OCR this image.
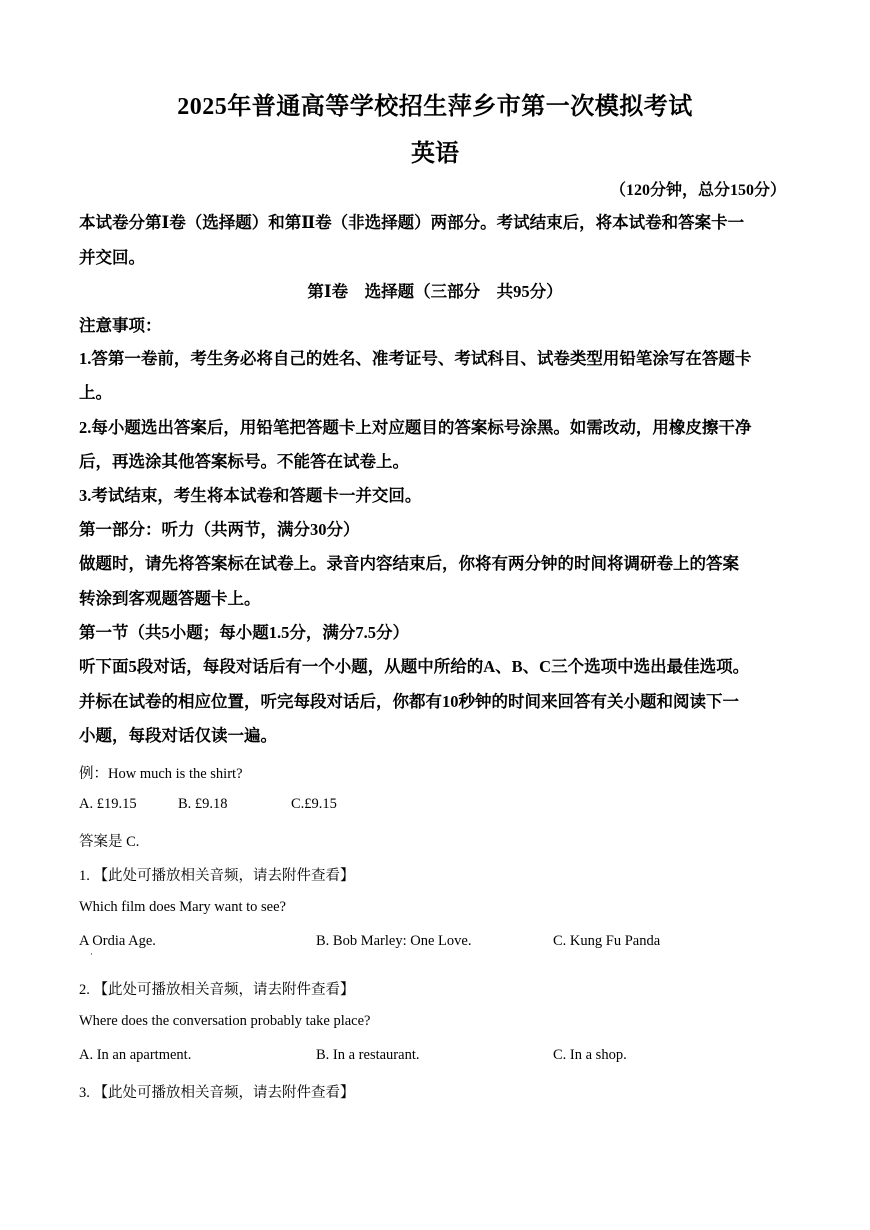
2025年普通高等学校招生萍乡市第一次模拟考试
英语
（120分钟，总分150分）
本试卷分第Ⅰ卷（选择题）和第Ⅱ卷（非选择题）两部分。考试结束后，将本试卷和答案卡一
并交回。
第Ⅰ卷　选择题（三部分　共95分）
注意事项：
1.答第一卷前，考生务必将自己的姓名、准考证号、考试科目、试卷类型用铅笔涂写在答题卡
上。
2.每小题选出答案后，用铅笔把答题卡上对应题目的答案标号涂黑。如需改动，用橡皮擦干净
后，再选涂其他答案标号。不能答在试卷上。
3.考试结束，考生将本试卷和答题卡一并交回。
第一部分：听力（共两节，满分30分）
做题时，请先将答案标在试卷上。录音内容结束后，你将有两分钟的时间将调研卷上的答案
转涂到客观题答题卡上。
第一节（共5小题；每小题1.5分，满分7.5分）
听下面5段对话，每段对话后有一个小题，从题中所给的A、B、C三个选项中选出最佳选项。
并标在试卷的相应位置，听完每段对话后，你都有10秒钟的时间来回答有关小题和阅读下一
小题，每段对话仅读一遍。
例：How much is the shirt?
A. £19.15	B. £9.18	C.£9.15
答案是 C.
1. 【此处可播放相关音频，请去附件查看】
Which film does Mary want to see?
A Ordia Age.	B. Bob Marley: One Love.	C. Kung Fu Panda
·
2. 【此处可播放相关音频，请去附件查看】
Where does the conversation probably take place?
A. In an apartment.	B. In a restaurant.	C. In a shop.
3. 【此处可播放相关音频，请去附件查看】
